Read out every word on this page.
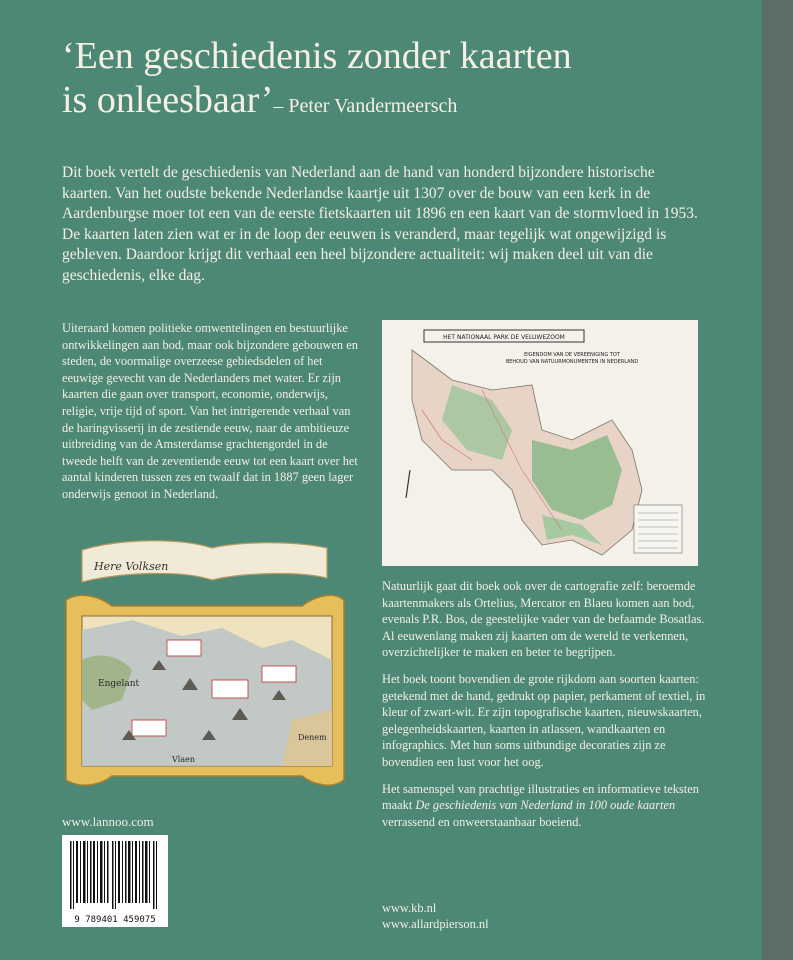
‘Een geschiedenis zonder kaarten
is onleesbaar’– Peter Vandermeersch
Dit boek vertelt de geschiedenis van Nederland aan de hand van honderd bijzondere historische kaarten. Van het oudste bekende Nederlandse kaartje uit 1307 over de bouw van een kerk in de Aardenburgse moer tot een van de eerste fietskaarten uit 1896 en een kaart van de stormvloed in 1953. De kaarten laten zien wat er in de loop der eeuwen is veranderd, maar tegelijk wat ongewijzigd is gebleven. Daardoor krijgt dit verhaal een heel bijzondere actualiteit: wij maken deel uit van die geschiedenis, elke dag.

Uiteraard komen politieke omwentelingen en bestuurlijke ontwikkelingen aan bod, maar ook bijzondere gebouwen en steden, de voormalige overzeese gebiedsdelen of het eeuwige gevecht van de Nederlanders met water. Er zijn kaarten die gaan over transport, economie, onderwijs, religie, vrije tijd of sport. Van het intrigerende verhaal van de haringvisserij in de zestiende eeuw, naar de ambitieuze uitbreiding van de Amsterdamse grachtengordel in de tweede helft van de zeventiende eeuw tot een kaart over het aantal kinderen tussen zes en twaalf dat in 1887 geen lager onderwijs genoot in Nederland.

HET NATIONAAL PARK DE VELUWEZOOM
EIGENDOM VAN DE VEREENIGING TOT
BEHOUD VAN NATUURMONUMENTEN IN NEDERLAND
Here Volksen
Engelant
Vlaen
Denem

Natuurlijk gaat dit boek ook over de cartografie zelf: beroemde kaartenmakers als Ortelius, Mercator en Blaeu komen aan bod, evenals P.R. Bos, de geestelijke vader van de befaamde Bosatlas. Al eeuwenlang maken zij kaarten om de wereld te verkennen, overzichtelijker te maken en beter te begrijpen.

Het boek toont bovendien de grote rijkdom aan soorten kaarten: getekend met de hand, gedrukt op papier, perkament of textiel, in kleur of zwart-wit. Er zijn topografische kaarten, nieuwskaarten, gelegenheidskaarten, kaarten in atlassen, wandkaarten en infographics. Met hun soms uitbundige decoraties zijn ze bovendien een lust voor het oog.

Het samenspel van prachtige illustraties en informatieve teksten maakt De geschiedenis van Nederland in 100 oude kaarten verrassend en onweerstaanbaar boeiend.

www.lannoo.com
9 789401 459075
www.kb.nl
www.allardpierson.nl
